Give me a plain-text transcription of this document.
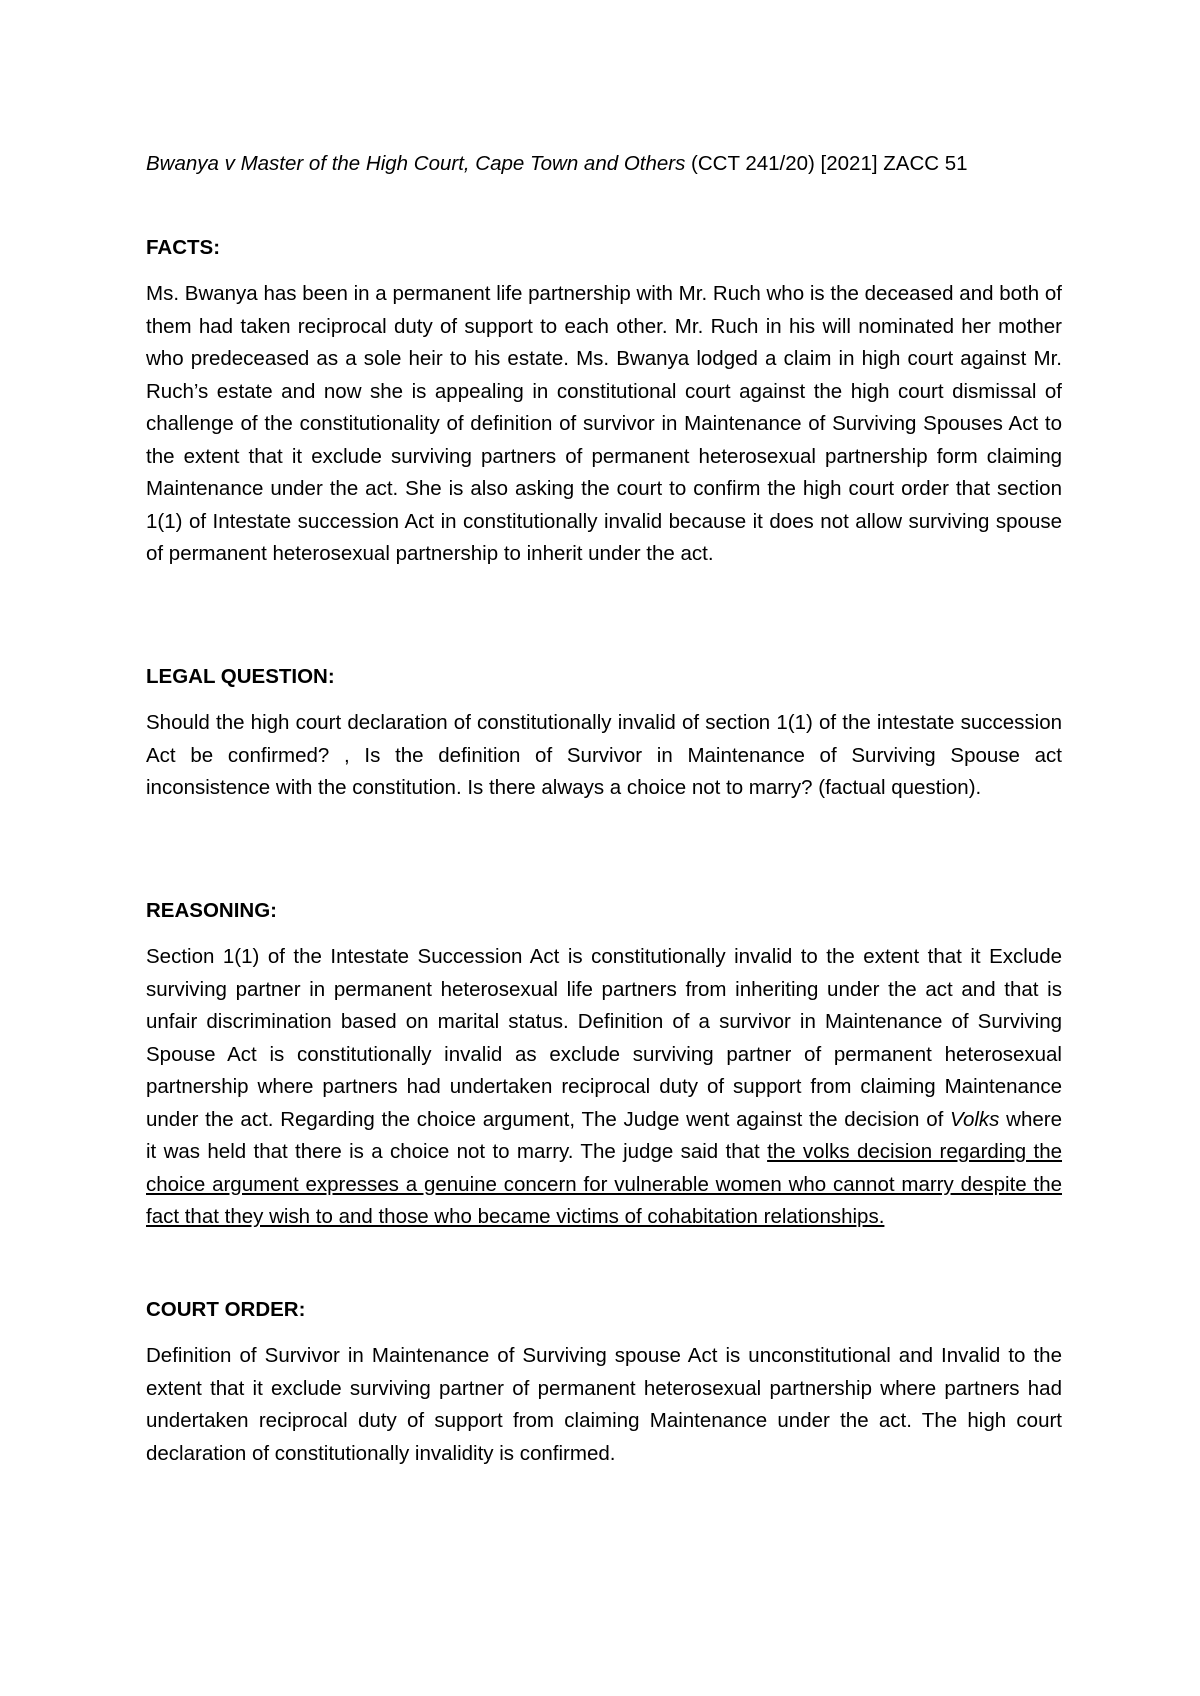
Bwanya v Master of the High Court, Cape Town and Others (CCT 241/20) [2021] ZACC 51

FACTS:

Ms. Bwanya has been in a permanent life partnership with Mr. Ruch who is the deceased and both of them had taken reciprocal duty of support to each other. Mr. Ruch in his will nominated her mother who predeceased as a sole heir to his estate. Ms. Bwanya lodged a claim in high court against Mr. Ruch’s estate and now she is appealing in constitutional court against the high court dismissal of challenge of the constitutionality of definition of survivor in Maintenance of Surviving Spouses Act to the extent that it exclude surviving partners of permanent heterosexual partnership form claiming Maintenance under the act. She is also asking the court to confirm the high court order that section 1(1) of Intestate succession Act in constitutionally invalid because it does not allow surviving spouse of permanent heterosexual partnership to inherit under the act.

LEGAL QUESTION:

Should the high court declaration of constitutionally invalid of section 1(1) of the intestate succession Act be confirmed? , Is the definition of Survivor in Maintenance of Surviving Spouse act inconsistence with the constitution. Is there always a choice not to marry? (factual question).

REASONING:

Section 1(1) of the Intestate Succession Act is constitutionally invalid to the extent that it Exclude surviving partner in permanent heterosexual life partners from inheriting under the act and that is unfair discrimination based on marital status. Definition of a survivor in Maintenance of Surviving Spouse Act is constitutionally invalid as exclude surviving partner of permanent heterosexual partnership where partners had undertaken reciprocal duty of support from claiming Maintenance under the act. Regarding the choice argument, The Judge went against the decision of Volks where it was held that there is a choice not to marry. The judge said that the volks decision regarding the choice argument expresses a genuine concern for vulnerable women who cannot marry despite the fact that they wish to and those who became victims of cohabitation relationships.

COURT ORDER:

Definition of Survivor in Maintenance of Surviving spouse Act is unconstitutional and Invalid to the extent that it exclude surviving partner of permanent heterosexual partnership where partners had undertaken reciprocal duty of support from claiming Maintenance under the act. The high court declaration of constitutionally invalidity is confirmed.
